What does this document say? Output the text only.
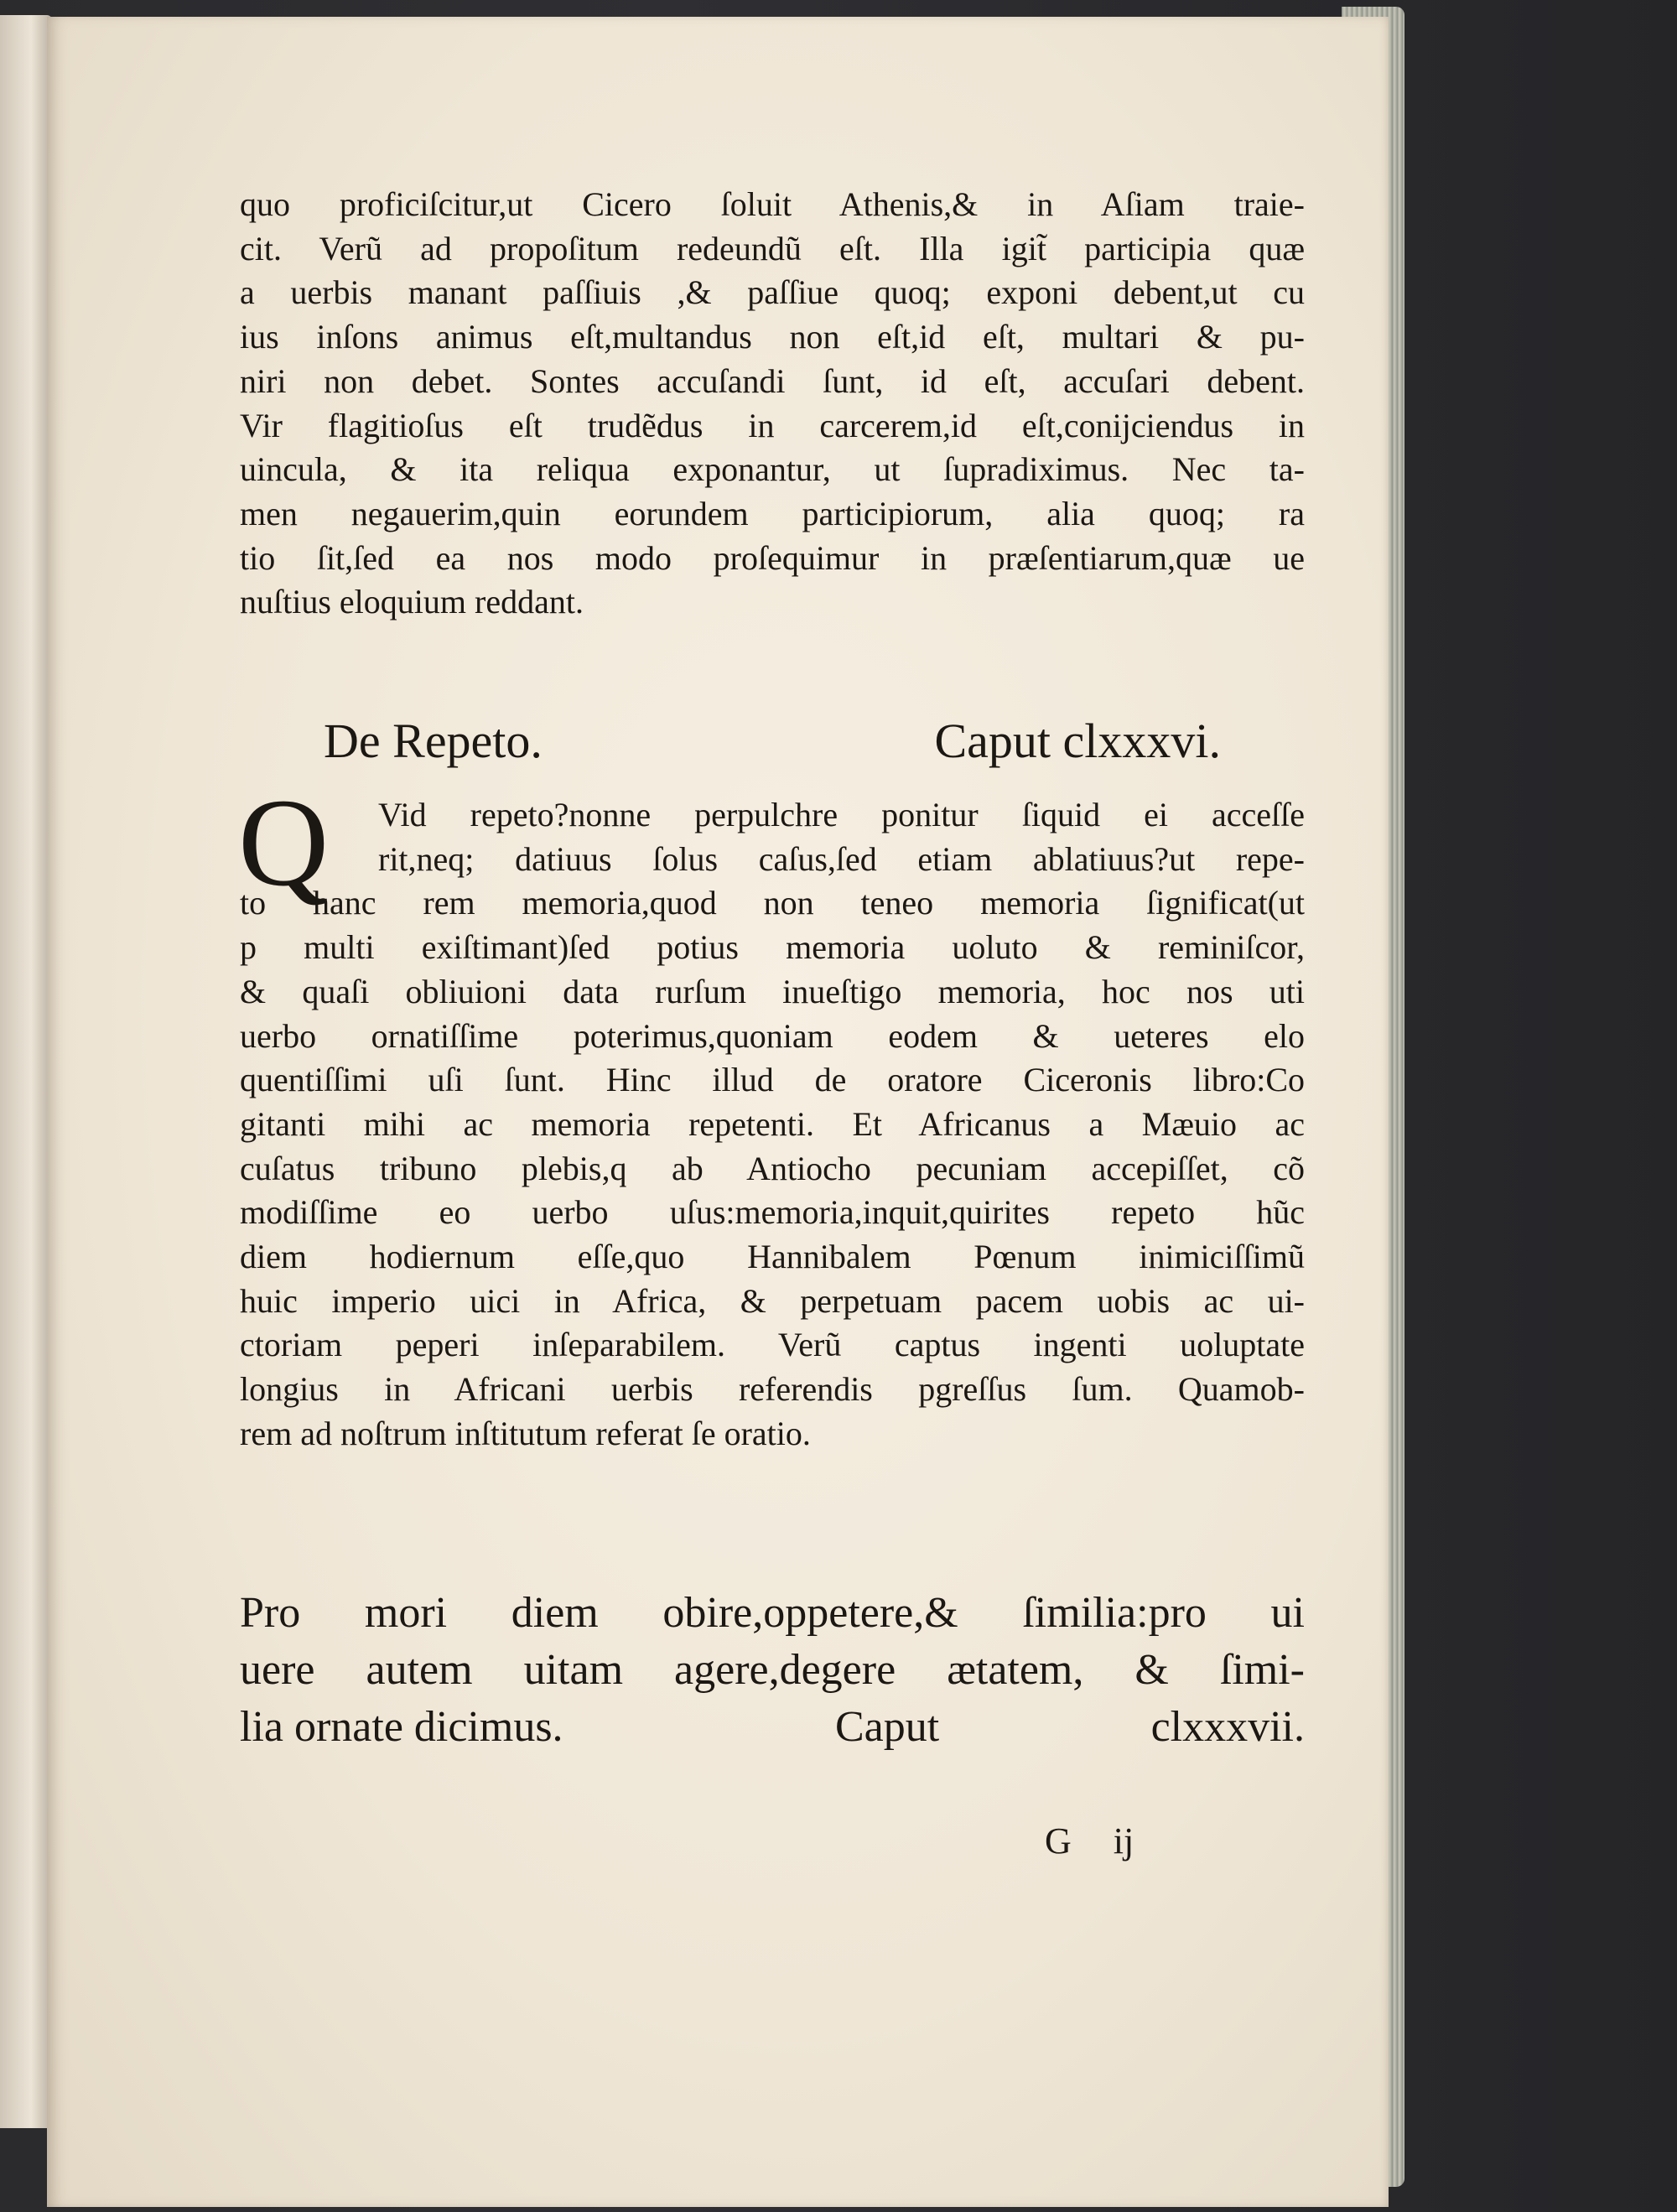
quo proficiſcitur,ut Cicero ſoluit Athenis,& in Aſiam traie-
cit. Verũ ad propoſitum redeundũ eſt. Illa igit̃ participia quæ
a uerbis manant paſſiuis ,& paſſiue quoq; exponi debent,ut cu
ius inſons animus eſt,multandus non eſt,id eſt, multari & pu-
niri non debet. Sontes accuſandi ſunt, id eſt, accuſari debent.
Vir flagitioſus eſt trudẽdus in carcerem,id eſt,conijciendus in
uincula, & ita reliqua exponantur, ut ſupradiximus. Nec ta-
men negauerim,quin eorundem participiorum, alia quoq; ra
tio ſit,ſed ea nos modo proſequimur in præſentiarum,quæ ue
nuſtius eloquium reddant.
De Repeto.	Caput clxxxvi.
Q	Vid repeto?nonne perpulchre ponitur ſiquid ei acceſſe
rit,neq; datiuus ſolus caſus,ſed etiam ablatiuus?ut repe-
to hanc rem memoria,quod non teneo memoria ſignificat(ut
p multi exiſtimant)ſed potius memoria uoluto & reminiſcor,
& quaſi obliuioni data rurſum inueſtigo memoria, hoc nos uti
uerbo ornatiſſime poterimus,quoniam eodem & ueteres elo
quentiſſimi uſi ſunt. Hinc illud de oratore Ciceronis libro:Co
gitanti mihi ac memoria repetenti. Et Africanus a Mæuio ac
cuſatus tribuno plebis,q ab Antiocho pecuniam accepiſſet, cõ
modiſſime eo uerbo uſus:memoria,inquit,quirites repeto hũc
diem hodiernum eſſe,quo Hannibalem Pœnum inimiciſſimũ
huic imperio uici in Africa, & perpetuam pacem uobis ac ui-
ctoriam peperi inſeparabilem. Verũ captus ingenti uoluptate
longius in Africani uerbis referendis pgreſſus ſum. Quamob-
rem ad noſtrum inſtitutum referat ſe oratio.
Pro mori diem obire,oppetere,& ſimilia:pro ui
uere autem uitam agere,degere ætatem, & ſimi-
lia ornate dicimus.	Caput	clxxxvii.
G ij
